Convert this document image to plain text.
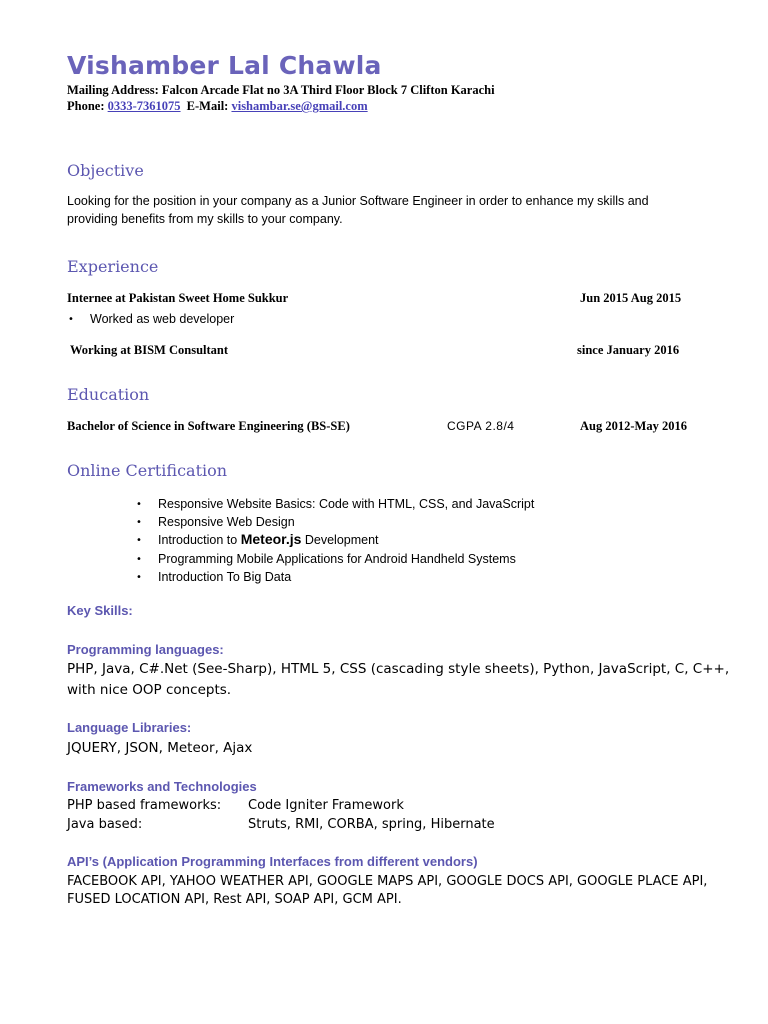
Vishamber Lal Chawla
Mailing Address: Falcon Arcade Flat no 3A Third Floor Block 7 Clifton Karachi
Phone: 0333-7361075 E-Mail: vishambar.se@gmail.com
Objective
Looking for the position in your company as a Junior Software Engineer in order to enhance my skills and
providing benefits from my skills to your company.
Experience
Internee at Pakistan Sweet Home Sukkur	Jun 2015 Aug 2015
• Worked as web developer
Working at BISM Consultant	since January 2016
Education
Bachelor of Science in Software Engineering (BS-SE)	CGPA 2.8/4	Aug 2012-May 2016
Online Certification
• Responsive Website Basics: Code with HTML, CSS, and JavaScript
• Responsive Web Design
• Introduction to Meteor.js Development
• Programming Mobile Applications for Android Handheld Systems
• Introduction To Big Data
Key Skills:
Programming languages:
PHP, Java, C#.Net (See-Sharp), HTML 5, CSS (cascading style sheets), Python, JavaScript, C, C++,
with nice OOP concepts.
Language Libraries:
JQUERY, JSON, Meteor, Ajax
Frameworks and Technologies
PHP based frameworks: Code Igniter Framework
Java based:	Struts, RMI, CORBA, spring, Hibernate
API’s (Application Programming Interfaces from different vendors)
FACEBOOK API, YAHOO WEATHER API, GOOGLE MAPS API, GOOGLE DOCS API, GOOGLE PLACE API,
FUSED LOCATION API, Rest API, SOAP API, GCM API.
